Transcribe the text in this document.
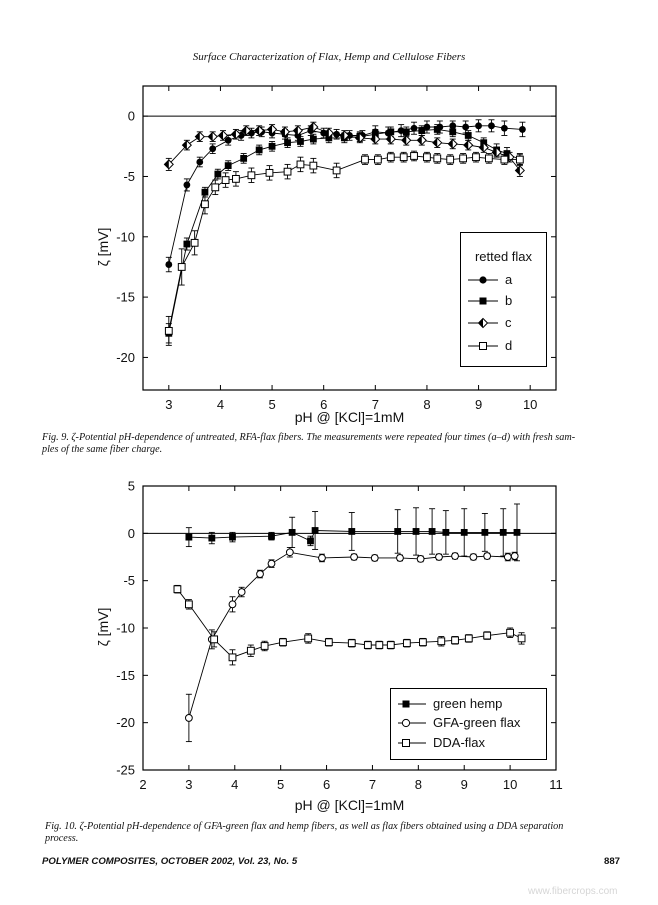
Surface Characterization of Flax, Hemp and Cellulose Fibers
3	4	5	6	7	8	9	10
0
-5
-10
-15
-20
2	3	4	5	6	7	8	9	10 11
5
0
-5
-10
-15
-20
-25
pH @ [KCl]=1mM
ζ [mV]	retted flax
a
b
c
d
Fig. 9. ζ-Potential pH-dependence of untreated, RFA-flax fibers. The measurements were repeated four times (a–d) with fresh sam-
ples of the same fiber charge.
pH @ [KCl]=1mM
ζ [mV]
green hemp
GFA-green flax
DDA-flax
Fig. 10. ζ-Potential pH-dependence of GFA-green flax and hemp fibers, as well as flax fibers obtained using a DDA separation
process.
POLYMER COMPOSITES, OCTOBER 2002, Vol. 23, No. 5	887
www.fibercrops.com
